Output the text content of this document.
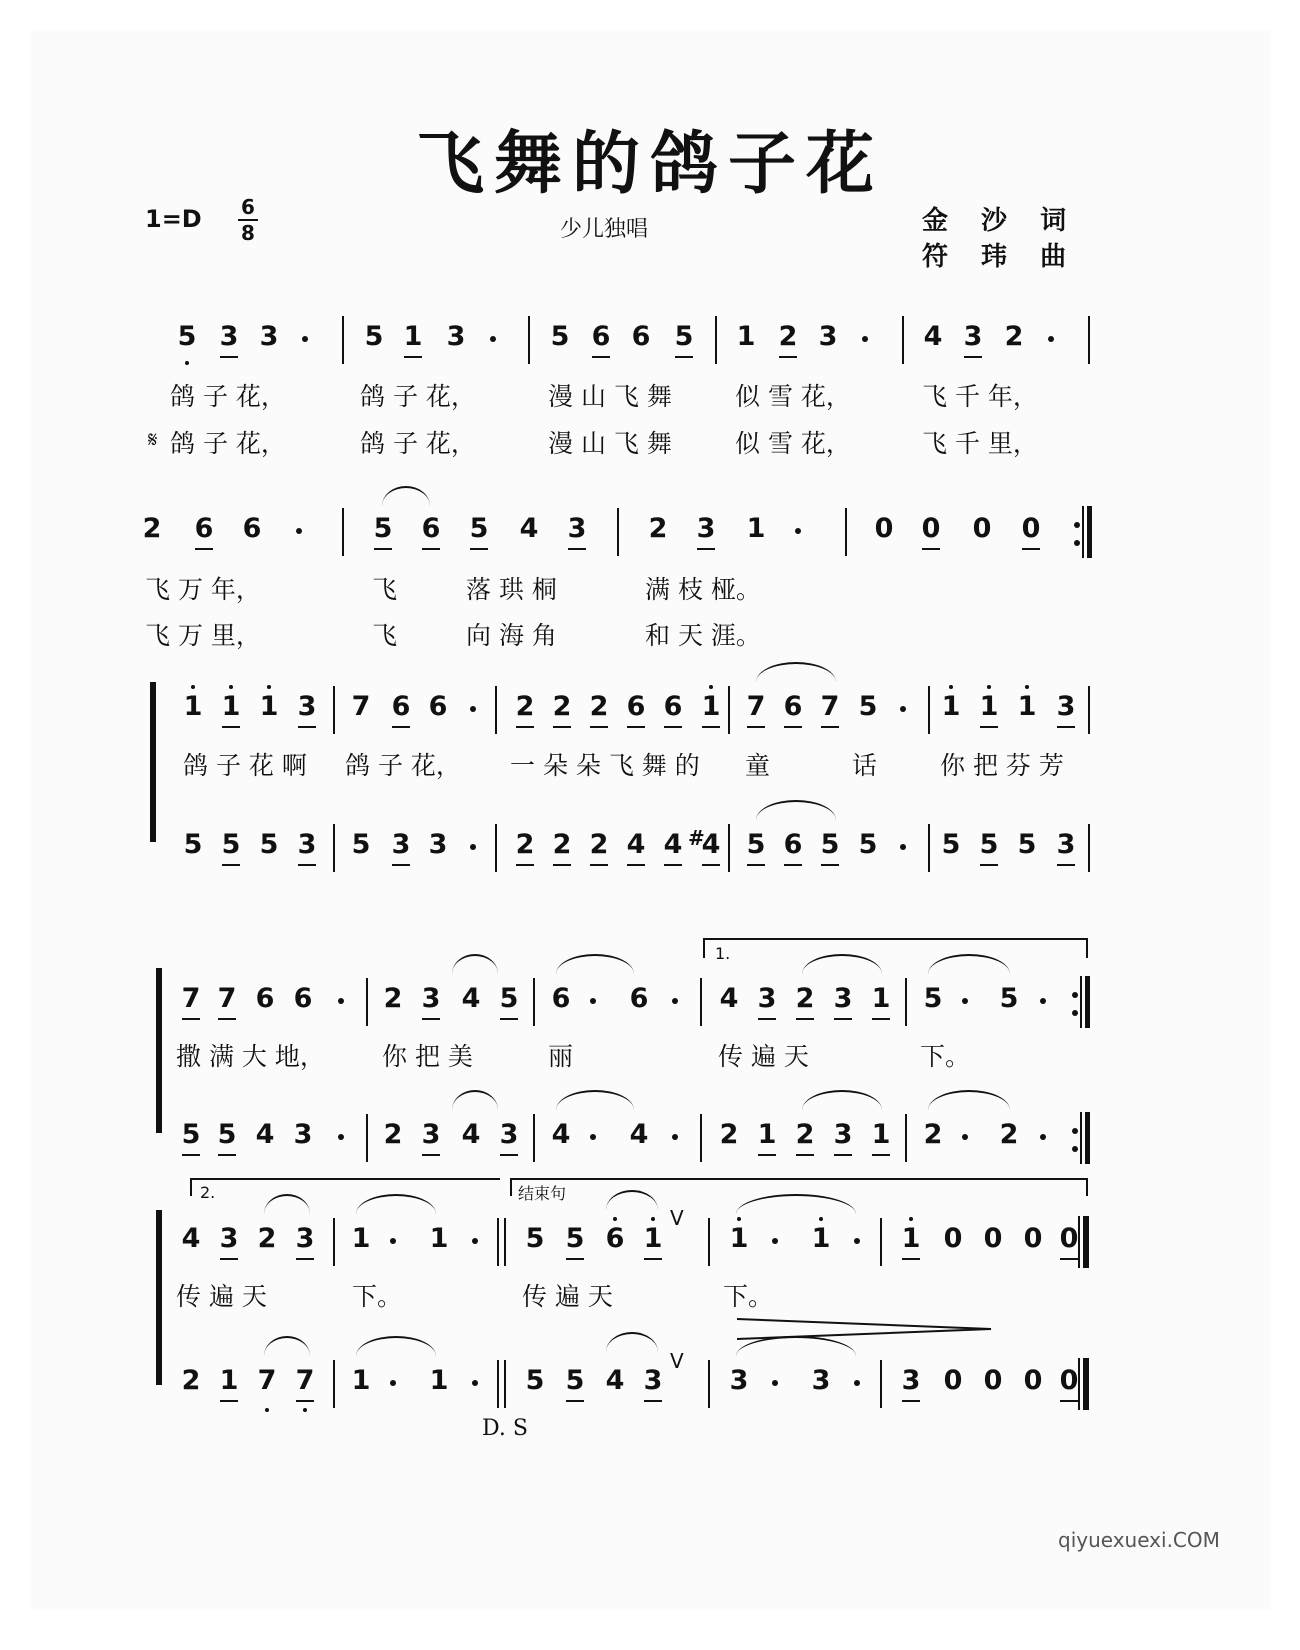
飞舞的鸽子花
1=D 6
8	少儿独唱	金 沙 词
符 玮 曲
5 3 3	5 1 3	5 6 6 5 1 2 3	4 3 2
2 6 6	5 6 5 4 3 2 3 1	0 0 0 0
1 1 1 3 7 6 6	2 2 2 6 6 1 7 6 7 5 1 1 1 3
5 5 5 3 5 3 3	2 2 2 4 4 4 5 6 5 5 5 5 5 3
7 7 6 6	2 3 4 5 6 6	4 3 2 3 1 5 5
5 5 4 3	2 3 4 3 4 4	2 1 2 3 1 2 2
4 3 2 3 1 1	5 5 6 1 1 1	1 0 0 0 0
2 1 7 7 1 1	5 5 4 3 3 3	3 0 0 0 0
鸽 子 花，	鸽 子 花，	漫 山 飞 舞	似 雪 花，	飞 千 年，
𝄋 鸽 子 花，	鸽 子 花，	漫 山 飞 舞	似 雪 花，	飞 千 里，
飞 万 年，	飞	落 珙 桐	满 枝 桠。
飞 万 里，	飞	向 海 角	和 天 涯。
鸽 子 花 啊 鸽 子 花， 一 朵 朵 飞 舞 的 童	话	你 把 芬 芳
撒 满 大 地， 你 把 美	丽	传 遍 天	下。
传 遍 天	下。	传 遍 天	下。
1.
2.	结束句
D. S
V
V
#
qiyuexuexi.COM
